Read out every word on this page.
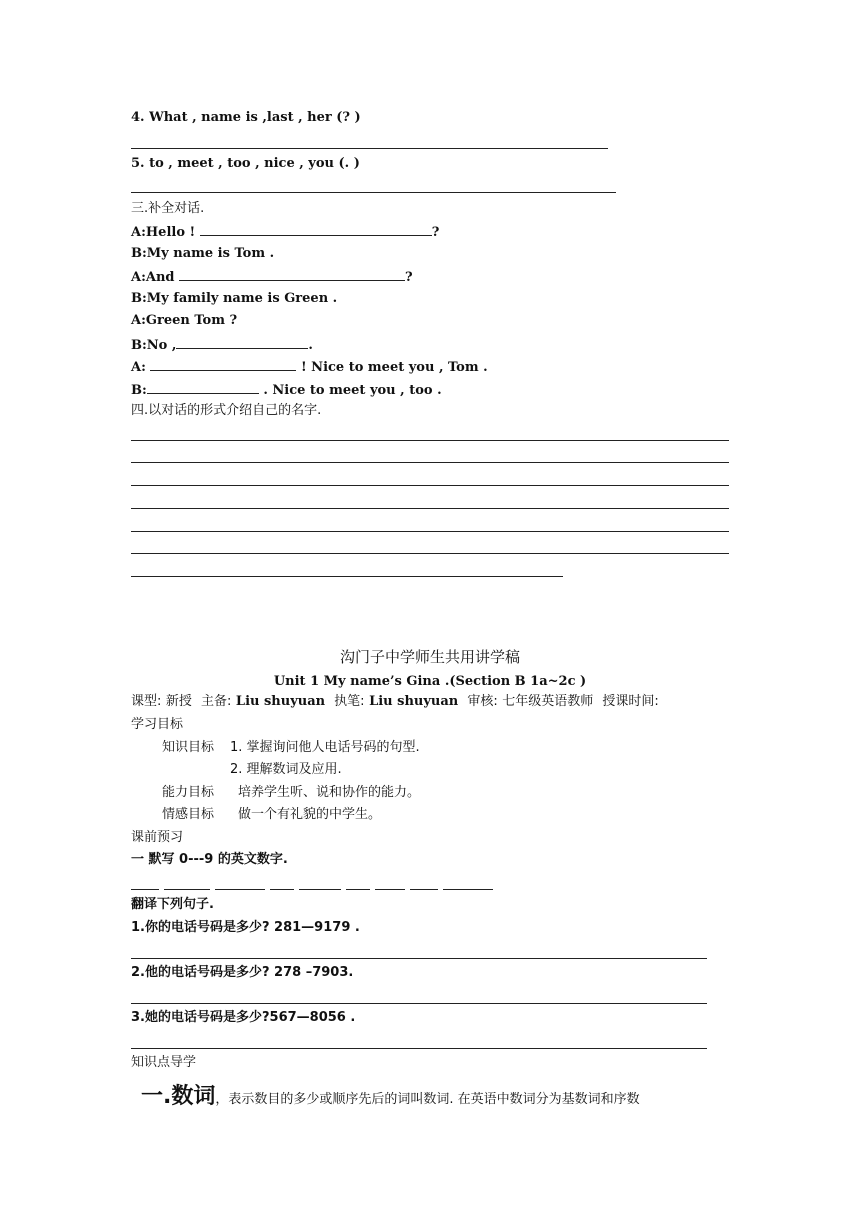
4. What , name is ,last , her (? )
5. to , meet , too , nice , you (. )
三.补全对话.
A:Hello !	?
B:My name is Tom .
A:And	?
B:My family name is Green .
A:Green Tom ?
B:No ,	.
A:	! Nice to meet you , Tom .
B:	. Nice to meet you , too .
四.以对话的形式介绍自己的名字.
沟门子中学师生共用讲学稿
Unit 1 My name’s Gina .(Section B 1a~2c )
课型: 新授 主备: Liu shuyuan 执笔: Liu shuyuan 审核: 七年级英语教师 授课时间:
学习目标
知识目标 1. 掌握询问他人电话号码的句型.
2. 理解数词及应用.
能力目标 培养学生听、说和协作的能力。
情感目标 做一个有礼貌的中学生。
课前预习
一 默写 0---9 的英文数字.
翻译下列句子.
1.你的电话号码是多少? 281—9179 .
2.他的电话号码是多少? 278 –7903.
3.她的电话号码是多少?567—8056 .
知识点导学
一.数词，表示数目的多少或顺序先后的词叫数词. 在英语中数词分为基数词和序数
